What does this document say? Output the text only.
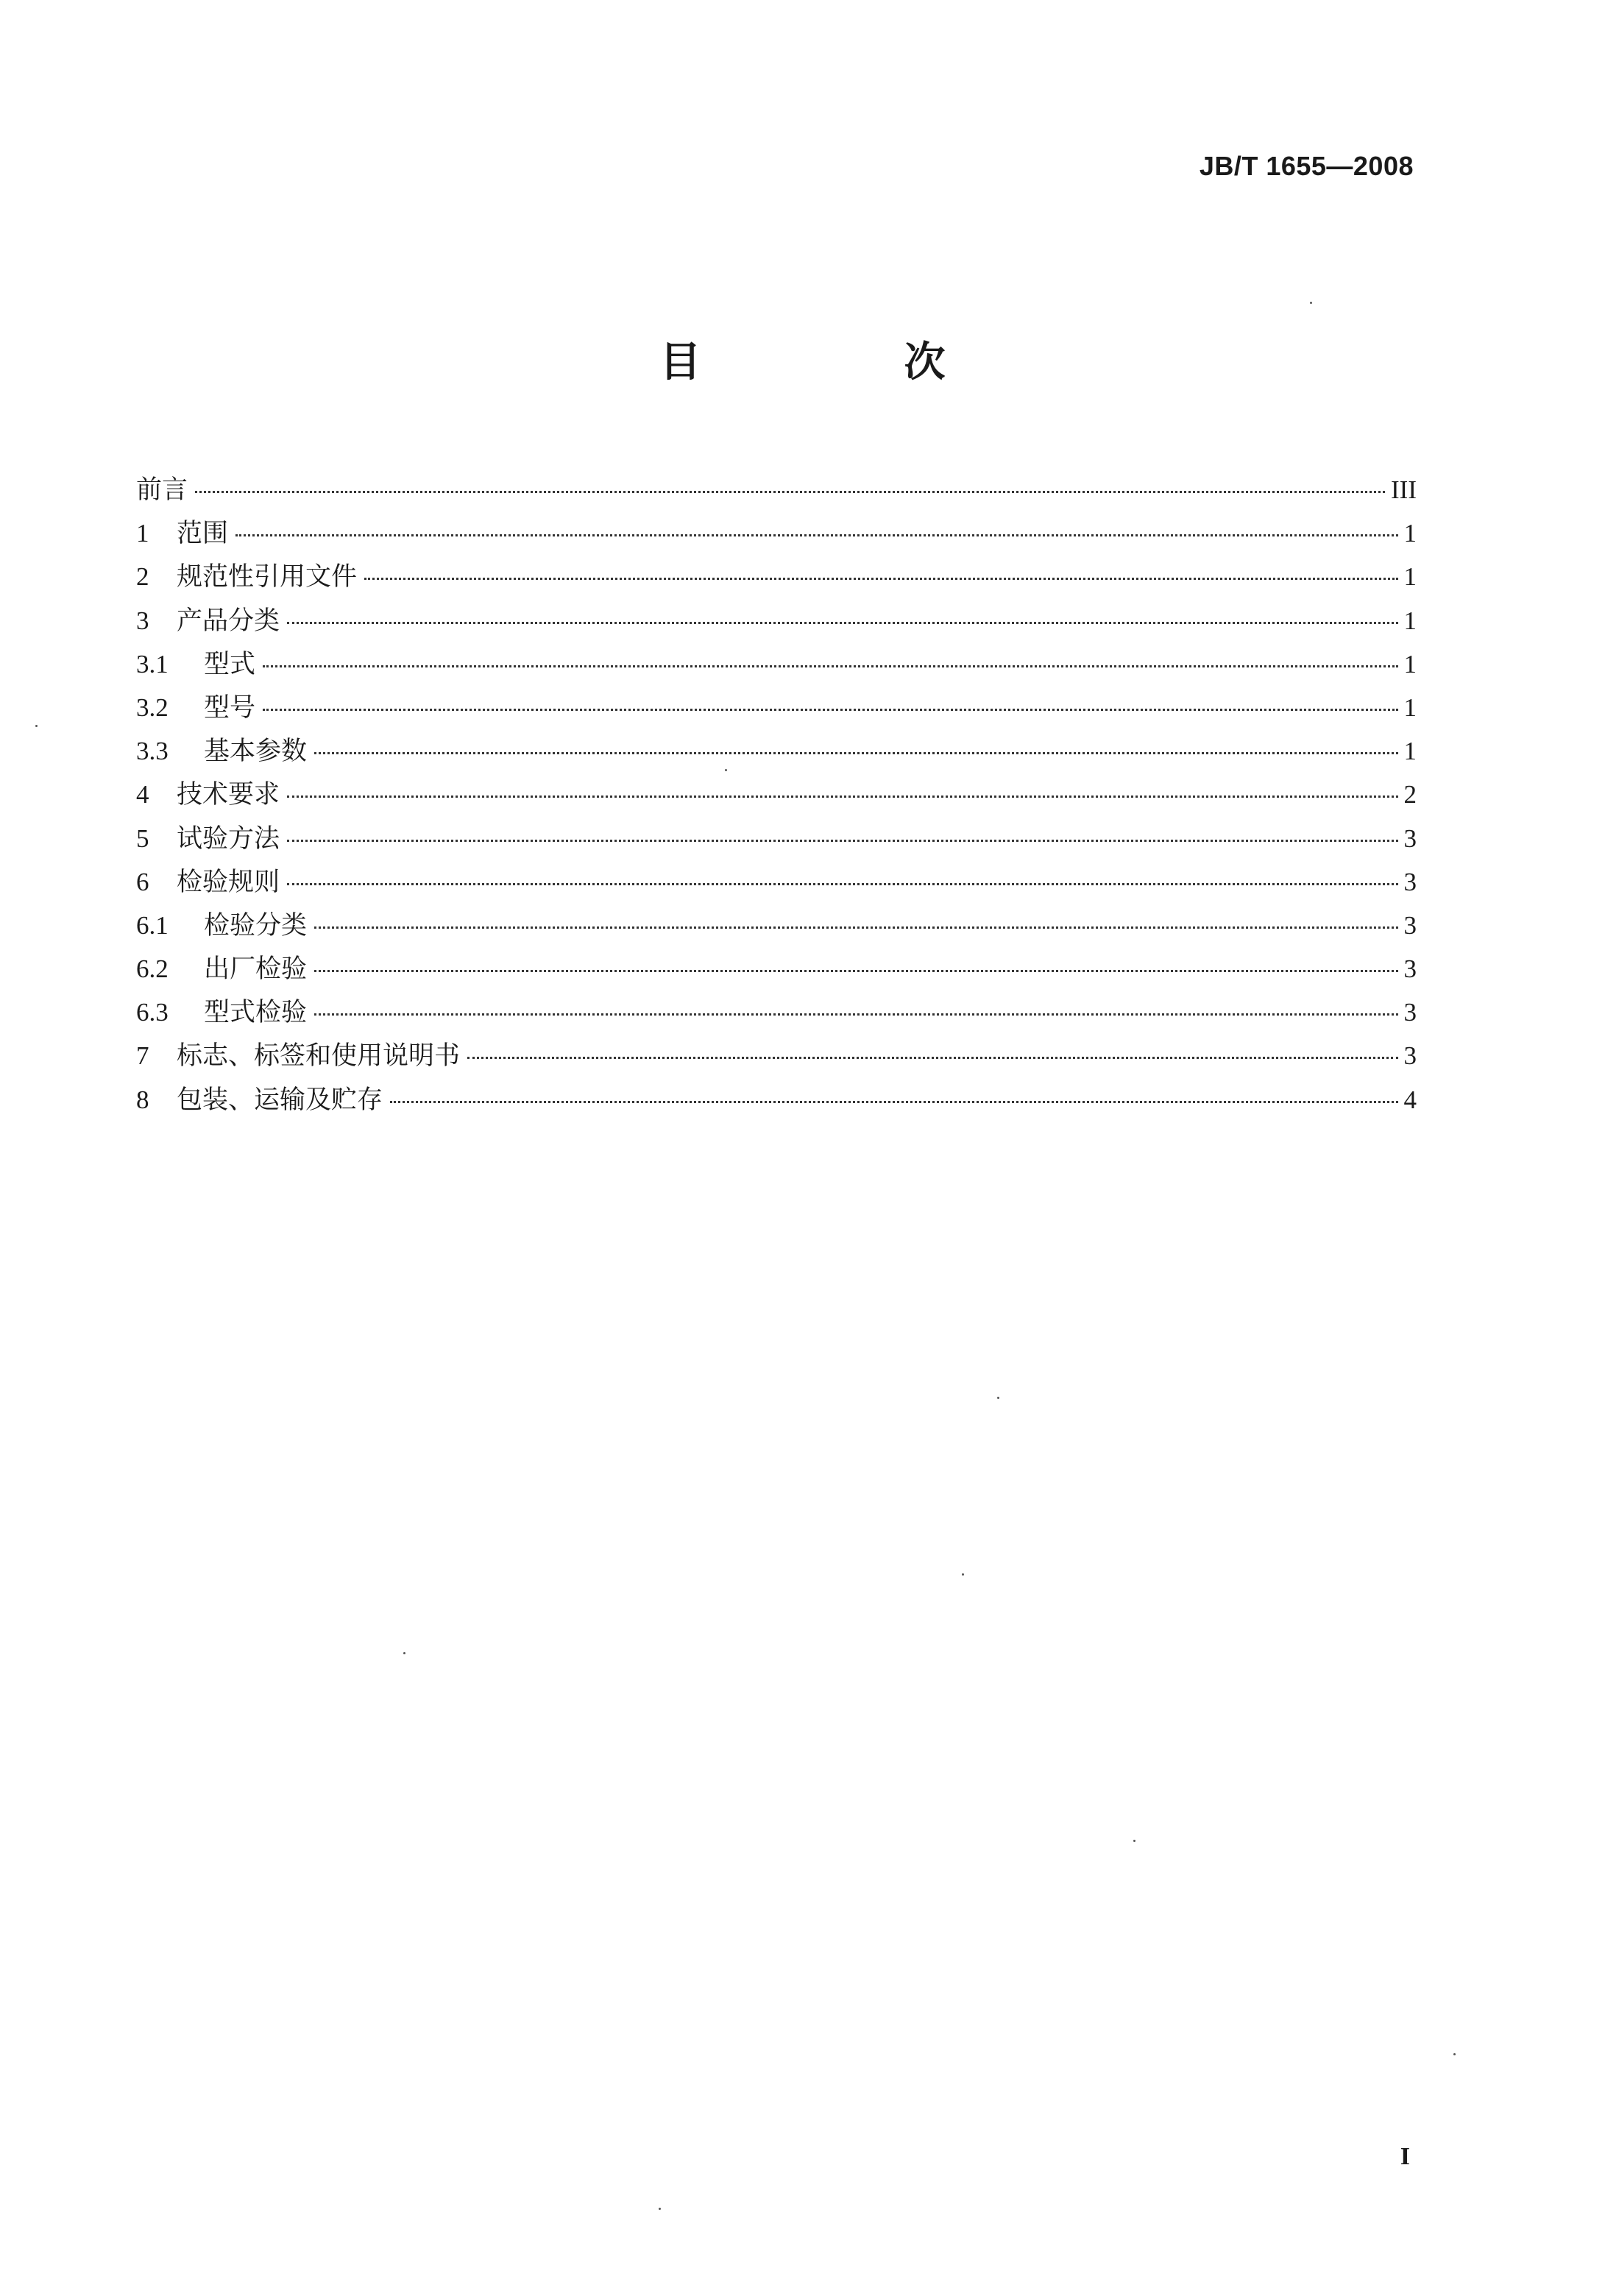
JB/T 1655—2008
目　次
前言	III
1	范围	1
2	规范性引用文件	1
3	产品分类	1
3.1	型式	1
3.2	型号	1
3.3	基本参数	1
4	技术要求	2
5	试验方法	3
6	检验规则	3
6.1	检验分类	3
6.2	出厂检验	3
6.3	型式检验	3
7	标志、标签和使用说明书	3
8	包装、运输及贮存	4
I
